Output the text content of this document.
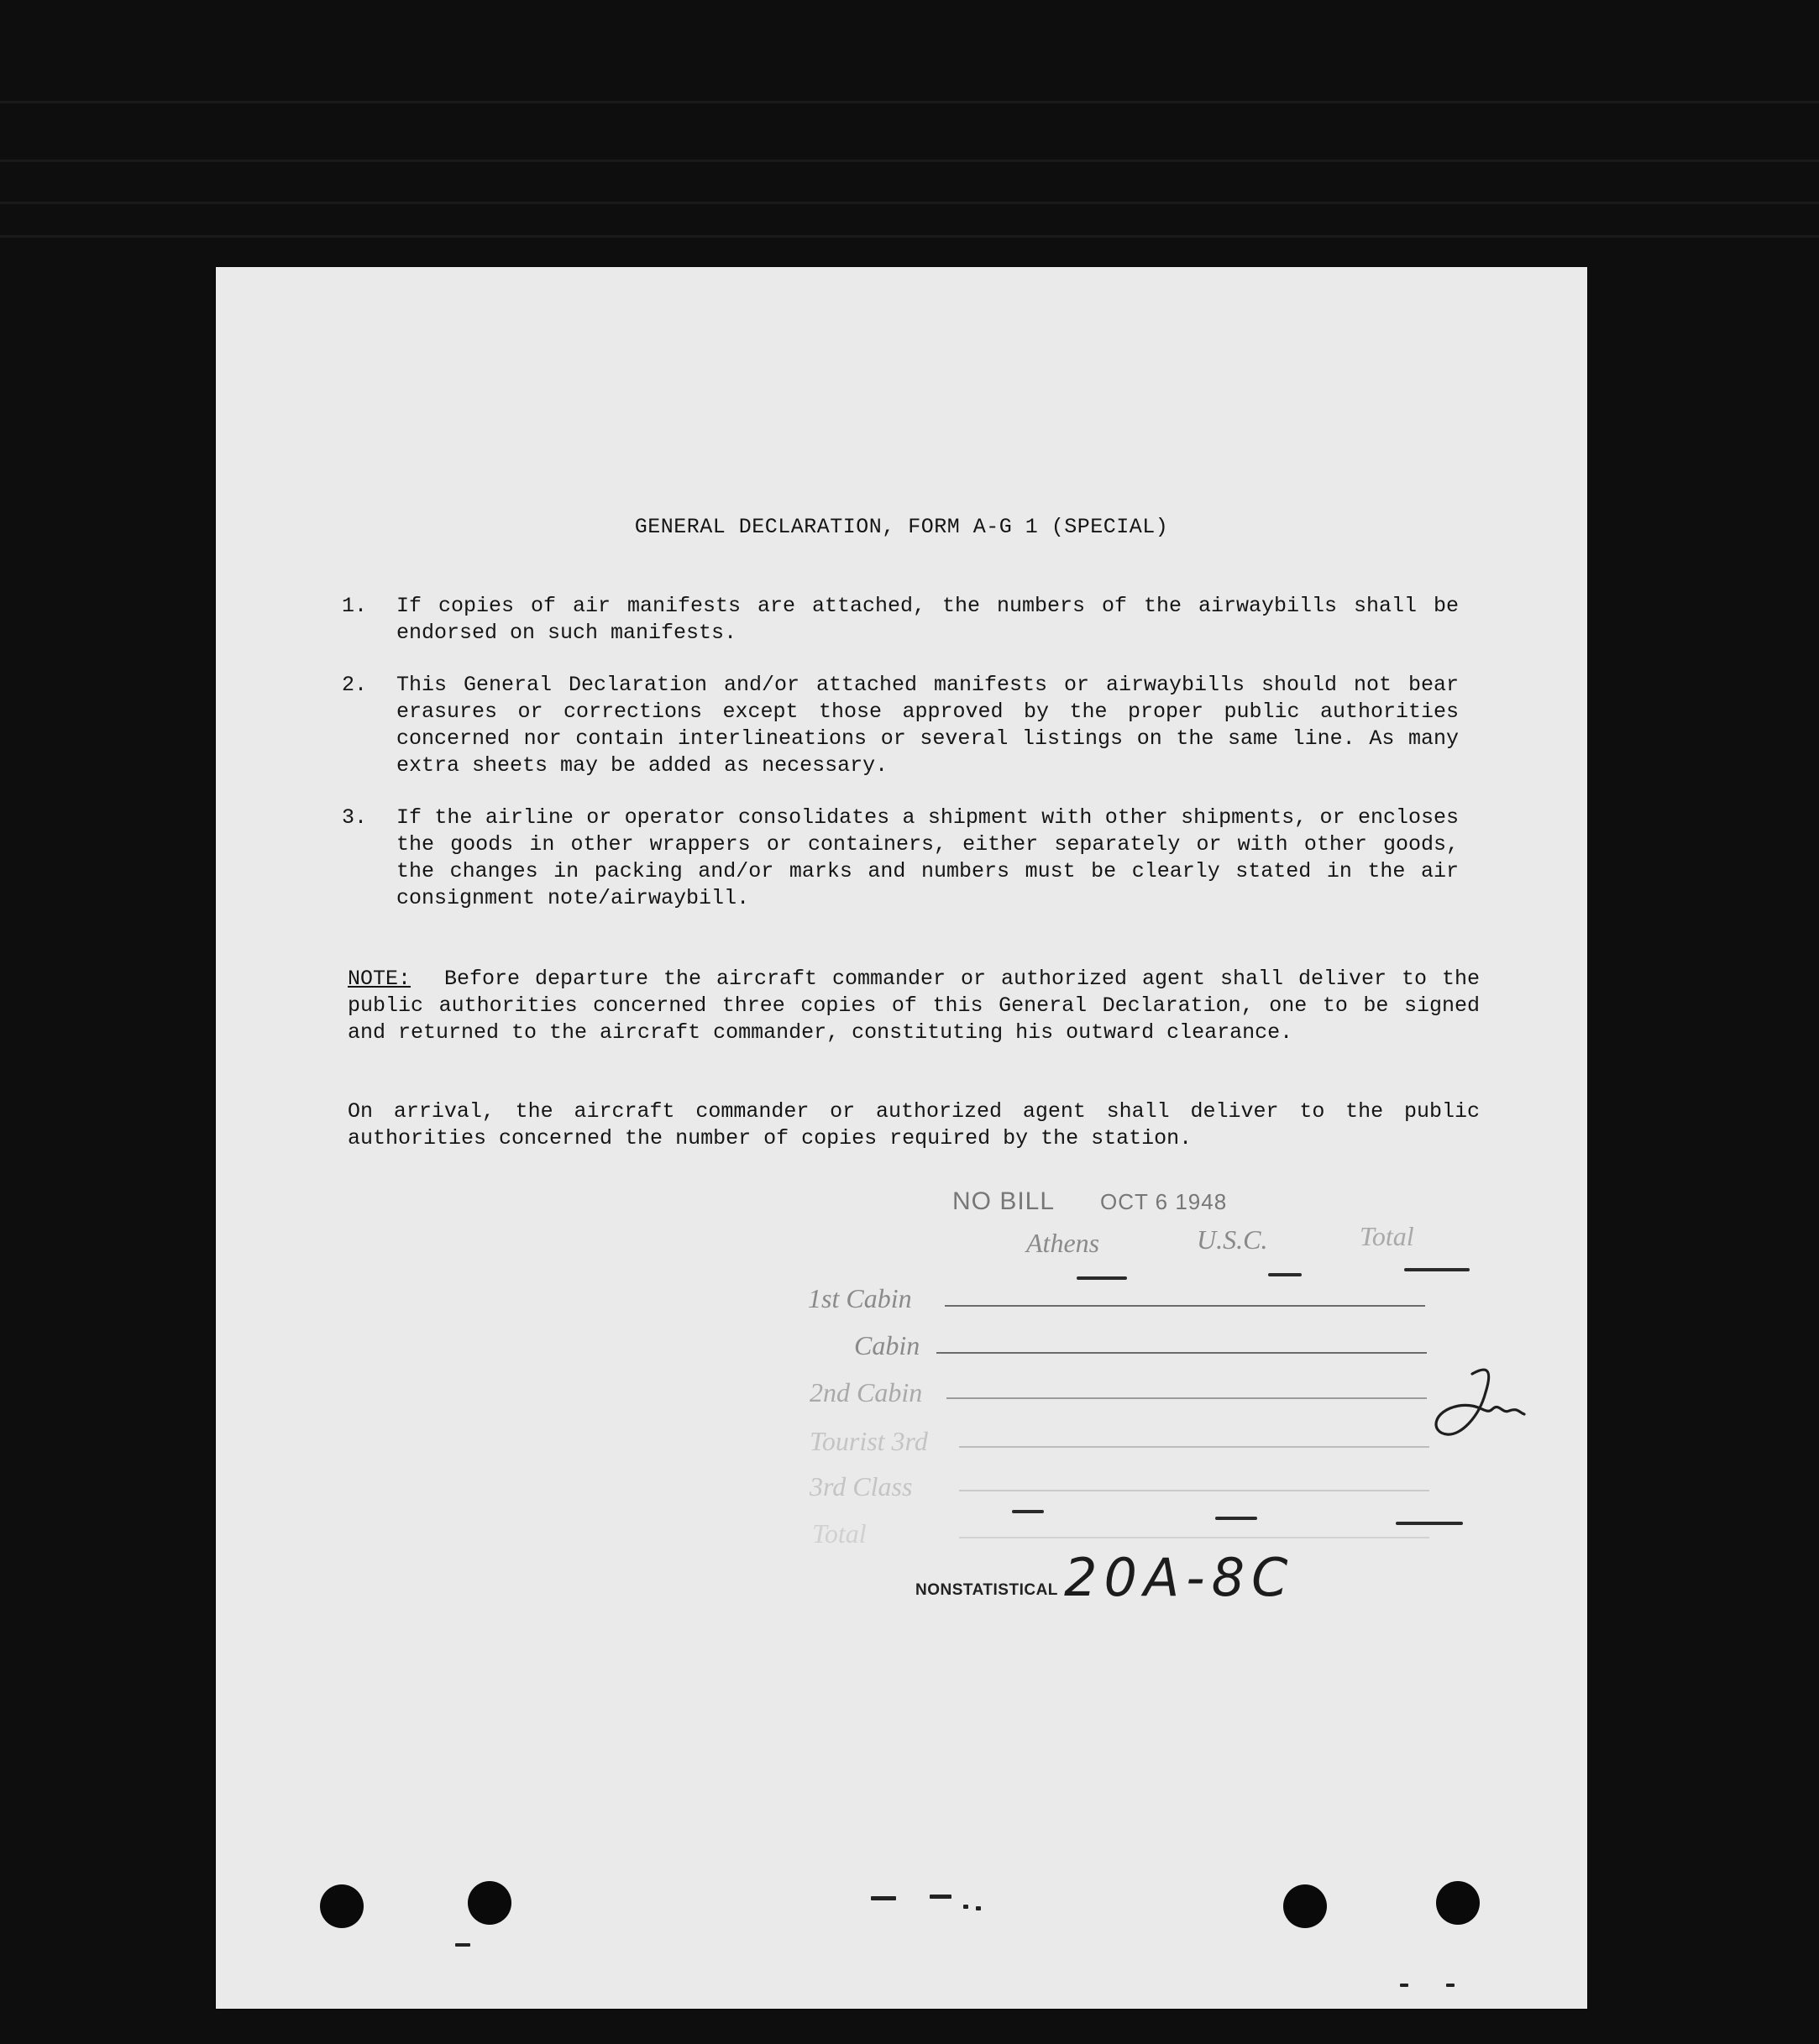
GENERAL DECLARATION, FORM A-G 1 (SPECIAL)
1.	If copies of air manifests are attached, the numbers of the airwaybills shall be endorsed on such manifests.
2.	This General Declaration and/or attached manifests or airwaybills should not bear erasures or corrections except those approved by the proper public authorities concerned nor contain interlineations or several listings on the same line. As many extra sheets may be added as necessary.
3.	If the airline or operator consolidates a shipment with other shipments, or encloses the goods in other wrappers or containers, either separately or with other goods, the changes in packing and/or marks and numbers must be clearly stated in the air consignment note/airwaybill.
NOTE: Before departure the aircraft commander or authorized agent shall deliver to the public authorities concerned three copies of this General Declaration, one to be signed and returned to the aircraft commander, constituting his outward clearance.
On arrival, the aircraft commander or authorized agent shall deliver to the public authorities concerned the number of copies required by the station.
NO BILL OCT 6 1948
Athens	U.S.C.	Total
1st Cabin
Cabin
2nd Cabin
Tourist 3rd
3rd Class
Total
NONSTATISTICAL 20A-8C
